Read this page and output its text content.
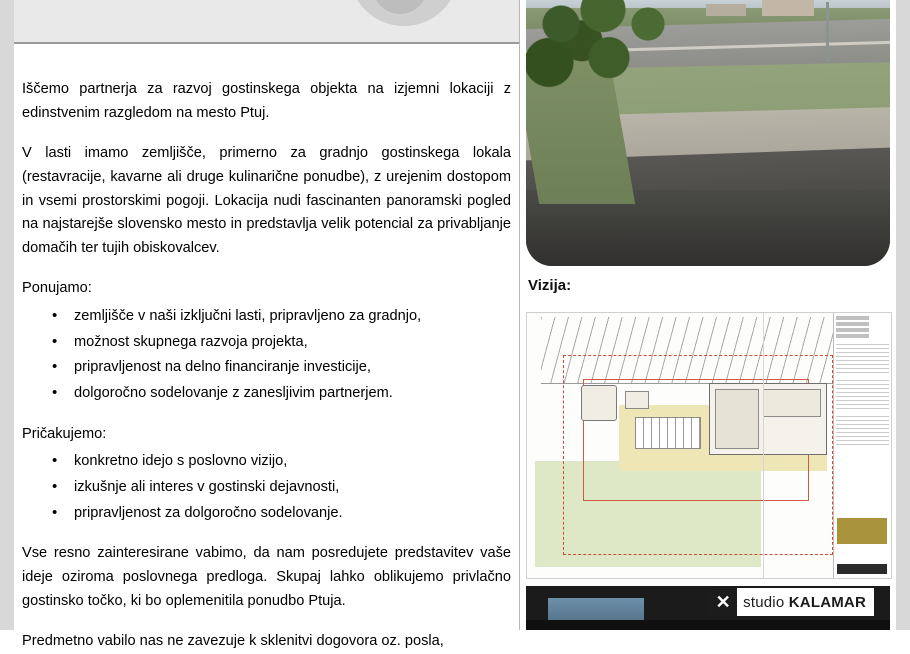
Iščemo partnerja za razvoj gostinskega objekta na izjemni lokaciji z edinstvenim razgledom na mesto Ptuj.

V lasti imamo zemljišče, primerno za gradnjo gostinskega lokala (restavracije, kavarne ali druge kulinarične ponudbe), z urejenim dostopom in vsemi prostorskimi pogoji. Lokacija nudi fascinanten panoramski pogled na najstarejše slovensko mesto in predstavlja velik potencial za privabljanje domačih ter tujih obiskovalcev.

Ponujamo:

• zemljišče v naši izključni lasti, pripravljeno za gradnjo,
• možnost skupnega razvoja projekta,
• pripravljenost na delno financiranje investicije,
• dolgoročno sodelovanje z zanesljivim partnerjem.

Pričakujemo:

• konkretno idejo s poslovno vizijo,
• izkušnje ali interes v gostinski dejavnosti,
• pripravljenost za dolgoročno sodelovanje.

Vse resno zainteresirane vabimo, da nam posredujete predstavitev vaše ideje oziroma poslovnega predloga. Skupaj lahko oblikujemo privlačno gostinsko točko, ki bo oplemenitila ponudbo Ptuja.

Predmetno vabilo nas ne zavezuje k sklenitvi dogovora oz. posla,

Vizija:
✕ studio KALAMAR
